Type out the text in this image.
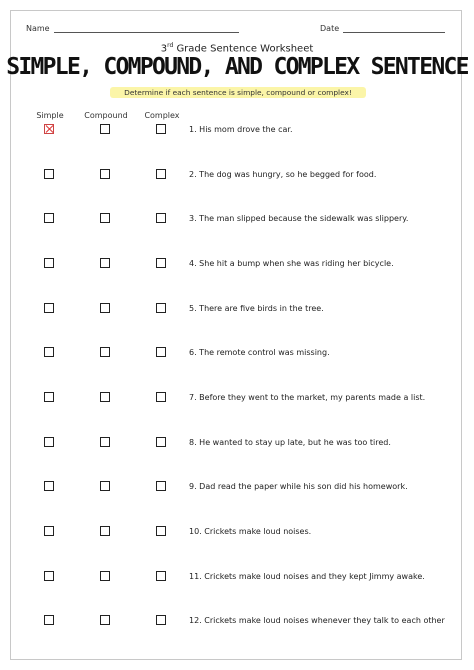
Name	Date
3rd Grade Sentence Worksheet
SIMPLE, COMPOUND, AND COMPLEX SENTENCE
Determine if each sentence is simple, compound or complex!
Simple	Compound	Complex
1. His mom drove the car.
2. The dog was hungry, so he begged for food.
3. The man slipped because the sidewalk was slippery.
4. She hit a bump when she was riding her bicycle.
5. There are five birds in the tree.
6. The remote control was missing.
7. Before they went to the market, my parents made a list.
8. He wanted to stay up late, but he was too tired.
9. Dad read the paper while his son did his homework.
10. Crickets make loud noises.
11. Crickets make loud noises and they kept Jimmy awake.
12. Crickets make loud noises whenever they talk to each other
